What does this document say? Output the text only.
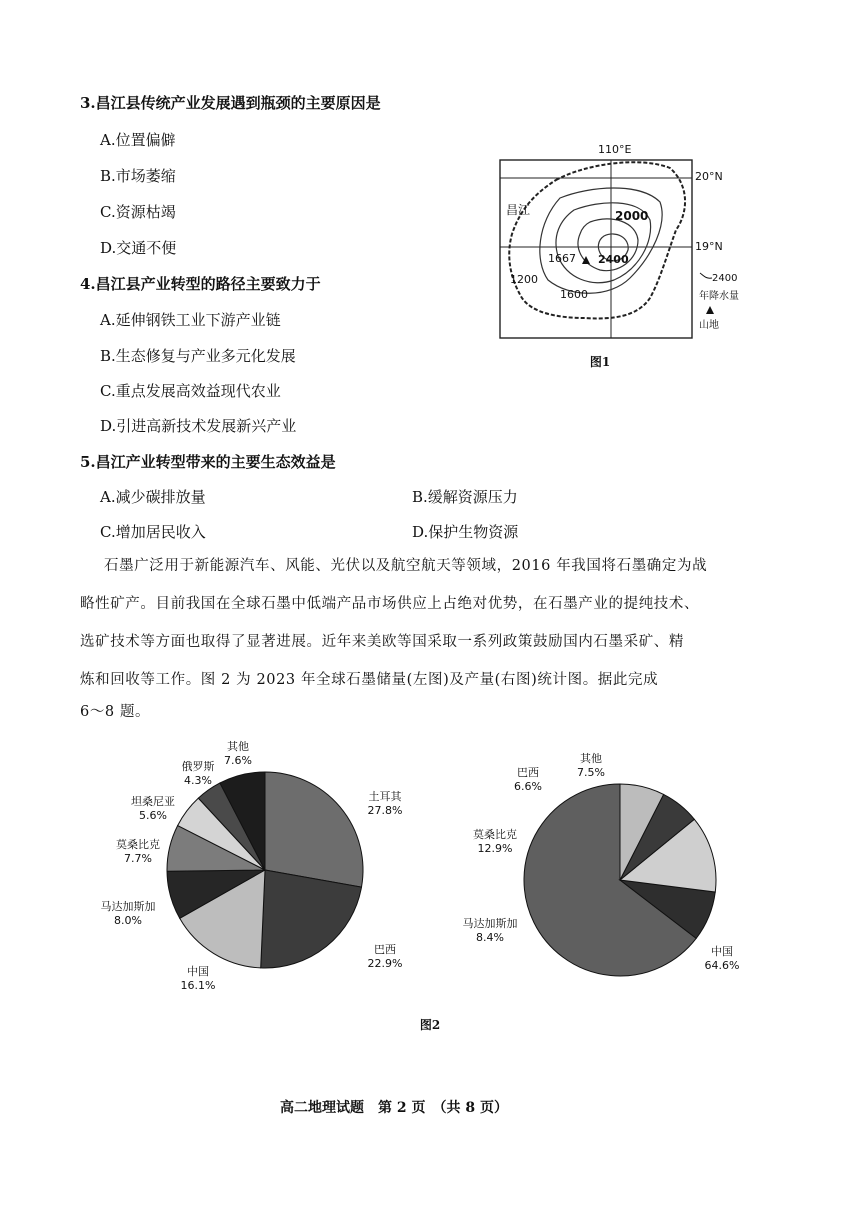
3.昌江县传统产业发展遇到瓶颈的主要原因是
A.位置偏僻
B.市场萎缩
C.资源枯竭
D.交通不便
4.昌江县产业转型的路径主要致力于
A.延伸钢铁工业下游产业链
B.生态修复与产业多元化发展
C.重点发展高效益现代农业
D.引进高新技术发展新兴产业
5.昌江产业转型带来的主要生态效益是
A.减少碳排放量	B.缓解资源压力
C.增加居民收入	D.保护生物资源
110°E
20°N
19°N
昌江	2000
2400
1667
1600
1200	2400
年降水量
山地
图1
石墨广泛用于新能源汽车、风能、光伏以及航空航天等领域，2016 年我国将石墨确定为战
略性矿产。目前我国在全球石墨中低端产品市场供应上占绝对优势，在石墨产业的提纯技术、
选矿技术等方面也取得了显著进展。近年来美欧等国采取一系列政策鼓励国内石墨采矿、精
炼和回收等工作。图 2 为 2023 年全球石墨储量(左图)及产量(右图)统计图。据此完成
6～8 题。
土耳其
27.8%
巴西
22.9%
中国
16.1%
马达加斯加
8.0%
莫桑比克
7.7%
坦桑尼亚
5.6%
俄罗斯
4.3%
其他
7.6%
中国
64.6%
马达加斯加
8.4%
莫桑比克
12.9%
巴西
6.6%
其他
7.5%
图2
高二地理试题　第 2 页　（共 8 页）
